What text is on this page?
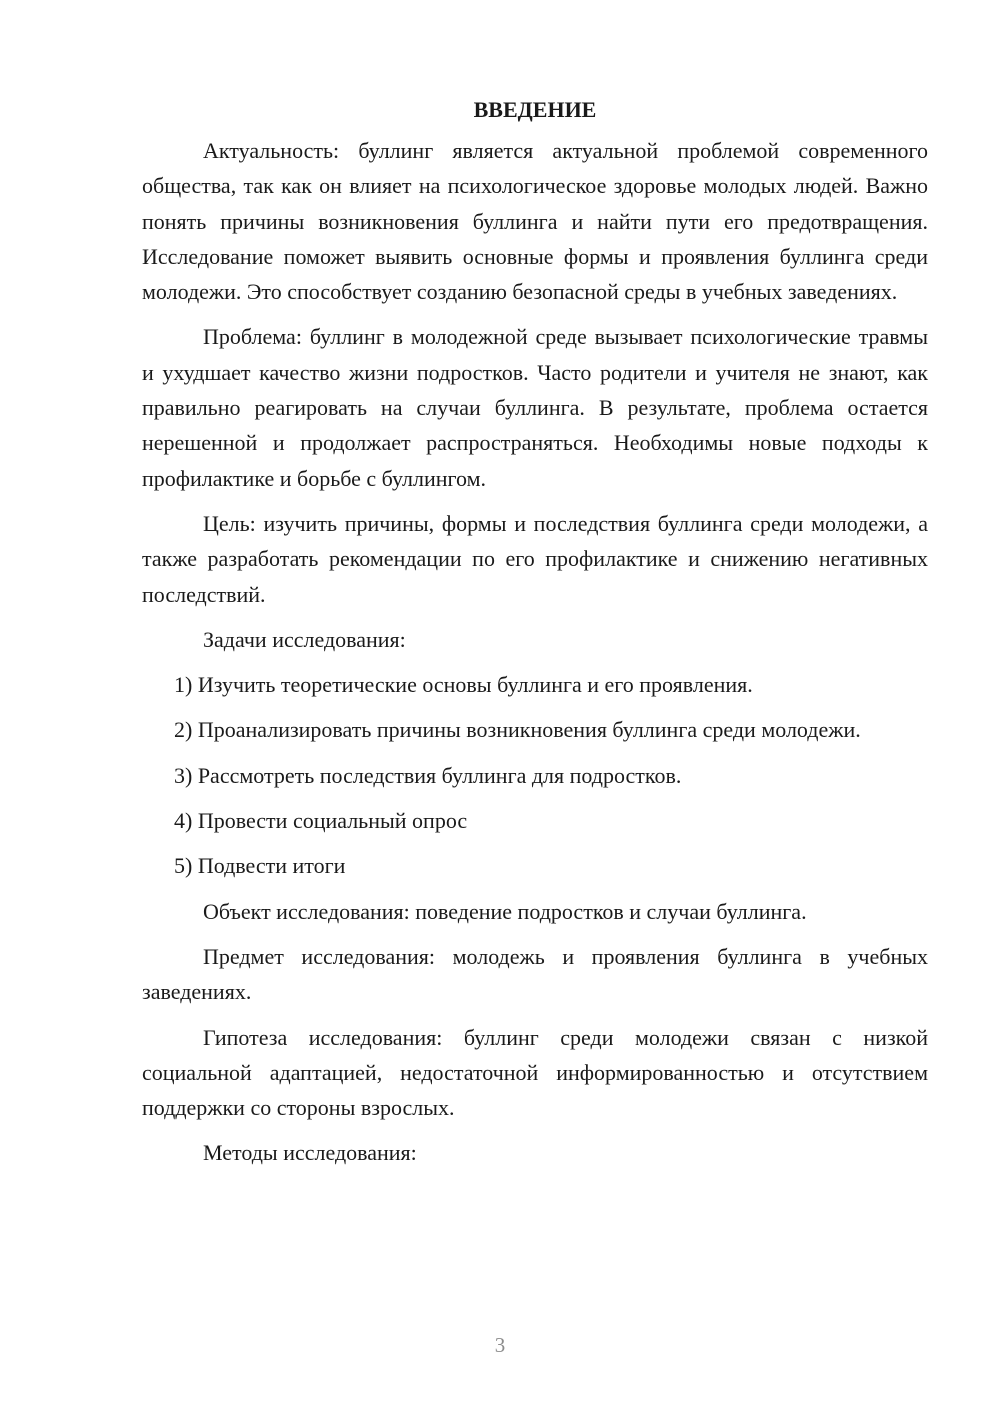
ВВЕДЕНИЕ

Актуальность: буллинг является актуальной проблемой современного общества, так как он влияет на психологическое здоровье молодых людей. Важно понять причины возникновения буллинга и найти пути его предотвращения. Исследование поможет выявить основные формы и проявления буллинга среди молодежи. Это способствует созданию безопасной среды в учебных заведениях.

Проблема: буллинг в молодежной среде вызывает психологические травмы и ухудшает качество жизни подростков. Часто родители и учителя не знают, как правильно реагировать на случаи буллинга. В результате, проблема остается нерешенной и продолжает распространяться. Необходимы новые подходы к профилактике и борьбе с буллингом.

Цель: изучить причины, формы и последствия буллинга среди молодежи, а также разработать рекомендации по его профилактике и снижению негативных последствий.

Задачи исследования:

1) Изучить теоретические основы буллинга и его проявления.

2) Проанализировать причины возникновения буллинга среди молодежи.

3) Рассмотреть последствия буллинга для подростков.

4) Провести социальный опрос

5) Подвести итоги

Объект исследования: поведение подростков и случаи буллинга.

Предмет исследования: молодежь и проявления буллинга в учебных заведениях.

Гипотеза исследования: буллинг среди молодежи связан с низкой социальной адаптацией, недостаточной информированностью и отсутствием поддержки со стороны взрослых.

Методы исследования:

3
